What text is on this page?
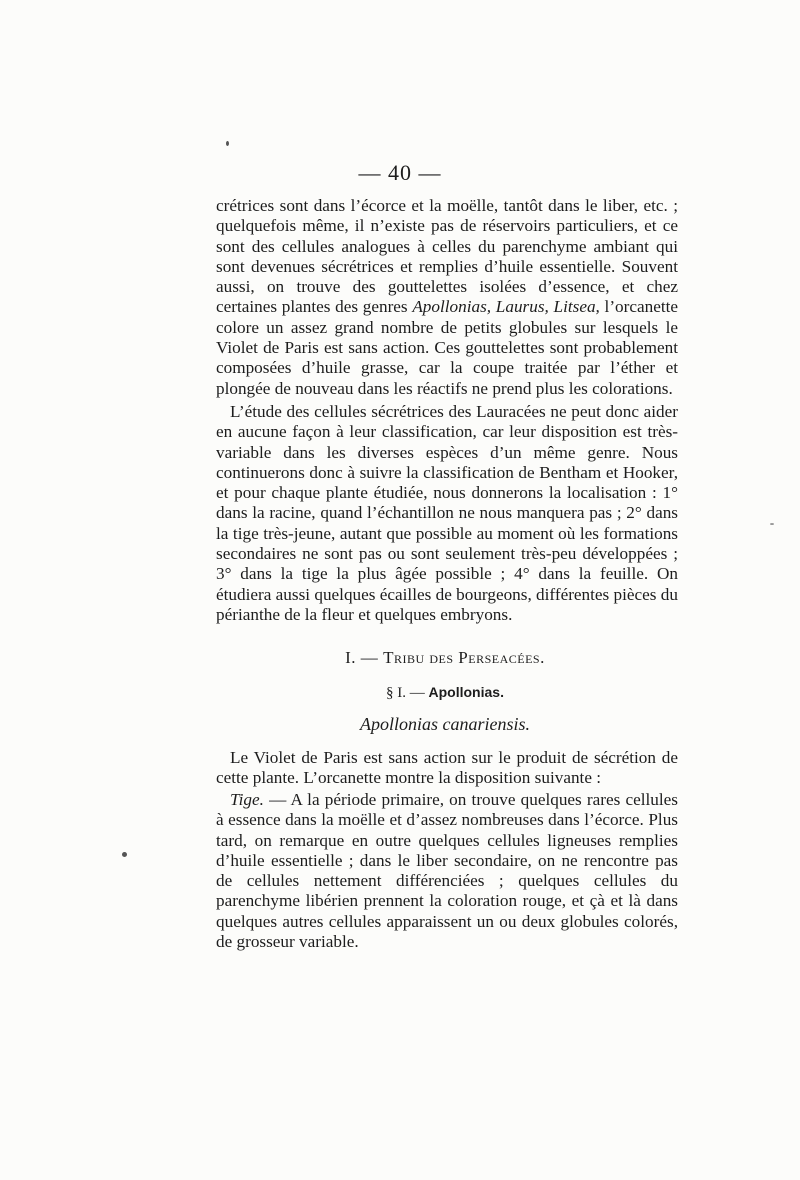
— 40 —

crétrices sont dans l’écorce et la moëlle, tantôt dans le liber, etc. ; quelquefois même, il n’existe pas de réservoirs particuliers, et ce sont des cellules analogues à celles du parenchyme ambiant qui sont devenues sécrétrices et remplies d’huile essentielle. Souvent aussi, on trouve des gouttelettes isolées d’essence, et chez certaines plantes des genres Apollonias, Laurus, Litsea, l’orcanette colore un assez grand nombre de petits globules sur lesquels le Violet de Paris est sans action. Ces gouttelettes sont probablement composées d’huile grasse, car la coupe traitée par l’éther et plongée de nouveau dans les réactifs ne prend plus les colorations.

L’étude des cellules sécrétrices des Lauracées ne peut donc aider en aucune façon à leur classification, car leur disposition est très-variable dans les diverses espèces d’un même genre. Nous continuerons donc à suivre la classification de Bentham et Hooker, et pour chaque plante étudiée, nous donnerons la localisation : 1° dans la racine, quand l’échantillon ne nous manquera pas ; 2° dans la tige très-jeune, autant que possible au moment où les formations secondaires ne sont pas ou sont seulement très-peu développées ; 3° dans la tige la plus âgée possible ; 4° dans la feuille. On étudiera aussi quelques écailles de bourgeons, différentes pièces du périanthe de la fleur et quelques embryons.

I. — Tribu des Perseacées.
§ I. — Apollonias.
Apollonias canariensis.

Le Violet de Paris est sans action sur le produit de sécrétion de cette plante. L’orcanette montre la disposition suivante :

Tige. — A la période primaire, on trouve quelques rares cellules à essence dans la moëlle et d’assez nombreuses dans l’écorce. Plus tard, on remarque en outre quelques cellules ligneuses remplies d’huile essentielle ; dans le liber secondaire, on ne rencontre pas de cellules nettement différenciées ; quelques cellules du parenchyme libérien prennent la coloration rouge, et çà et là dans quelques autres cellules apparaissent un ou deux globules colorés, de grosseur variable.
